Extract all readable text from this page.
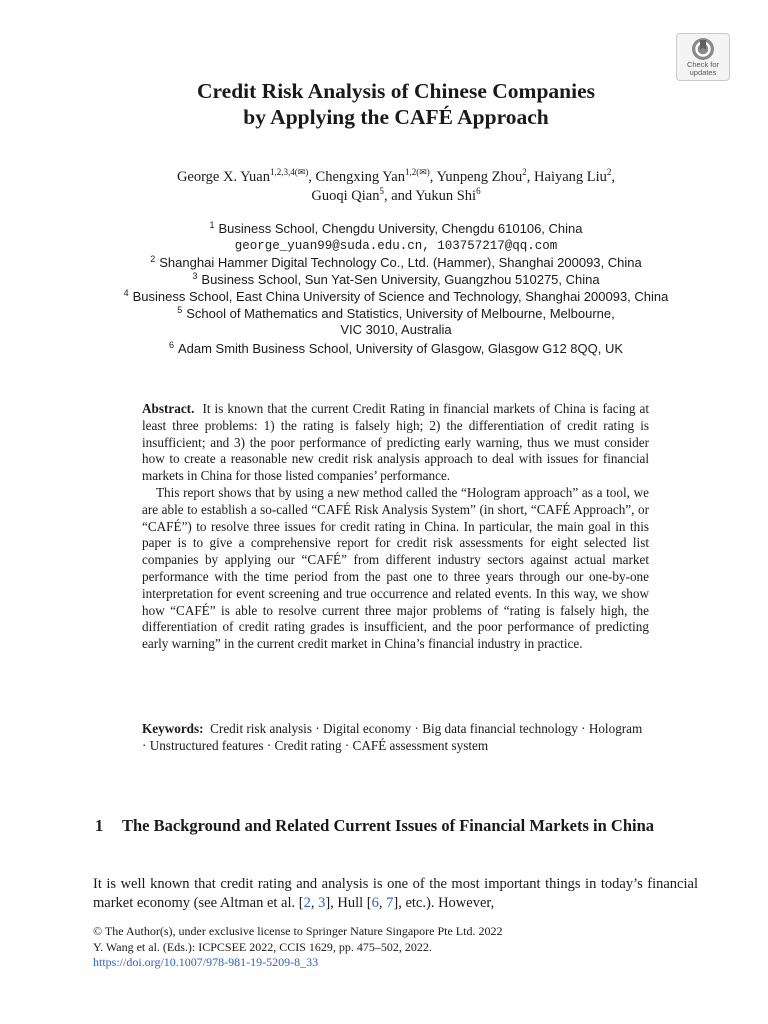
Check for
updates
Credit Risk Analysis of Chinese Companies
by Applying the CAFÉ Approach
George X. Yuan$^{1,2,3,4(✉)}$, Chengxing Yan$^{1,2(✉)}$, Yunpeng Zhou$^2$, Haiyang Liu$^2$,
Guoqi Qian$^5$, and Yukun Shi$^6$
$^1$ Business School, Chengdu University, Chengdu 610106, China
george_yuan99@suda.edu.cn, 103757217@qq.com
$^2$ Shanghai Hammer Digital Technology Co., Ltd. (Hammer), Shanghai 200093, China
$^3$ Business School, Sun Yat-Sen University, Guangzhou 510275, China
$^4$ Business School, East China University of Science and Technology, Shanghai 200093, China
$^5$ School of Mathematics and Statistics, University of Melbourne, Melbourne,
VIC 3010, Australia
$^6$ Adam Smith Business School, University of Glasgow, Glasgow G12 8QQ, UK

Abstract. It is known that the current Credit Rating in financial markets of China is facing at least three problems: 1) the rating is falsely high; 2) the differentiation of credit rating is insufficient; and 3) the poor performance of predicting early warning, thus we must consider how to create a reasonable new credit risk analysis approach to deal with issues for financial markets in China for those listed companies’ performance.

This report shows that by using a new method called the “Hologram approach” as a tool, we are able to establish a so-called “CAFÉ Risk Analysis System” (in short, “CAFÉ Approach”, or “CAFÉ”) to resolve three issues for credit rating in China. In particular, the main goal in this paper is to give a comprehensive report for credit risk assessments for eight selected list companies by applying our “CAFÉ” from different industry sectors against actual market performance with the time period from the past one to three years through our one-by-one interpretation for event screening and true occurrence and related events. In this way, we show how “CAFÉ” is able to resolve current three major problems of “rating is falsely high, the differentiation of credit rating grades is insufficient, and the poor performance of predicting early warning” in the current credit market in China’s financial industry in practice.

Keywords: Credit risk analysis · Digital economy · Big data financial technology · Hologram · Unstructured features · Credit rating · CAFÉ assessment system
1 The Background and Related Current Issues of Financial Markets in China

It is well known that credit rating and analysis is one of the most important things in today’s financial market economy (see Altman et al. [2, 3], Hull [6, 7], etc.). However,

© The Author(s), under exclusive license to Springer Nature Singapore Pte Ltd. 2022
Y. Wang et al. (Eds.): ICPCSEE 2022, CCIS 1629, pp. 475–502, 2022.
https://doi.org/10.1007/978-981-19-5209-8_33
